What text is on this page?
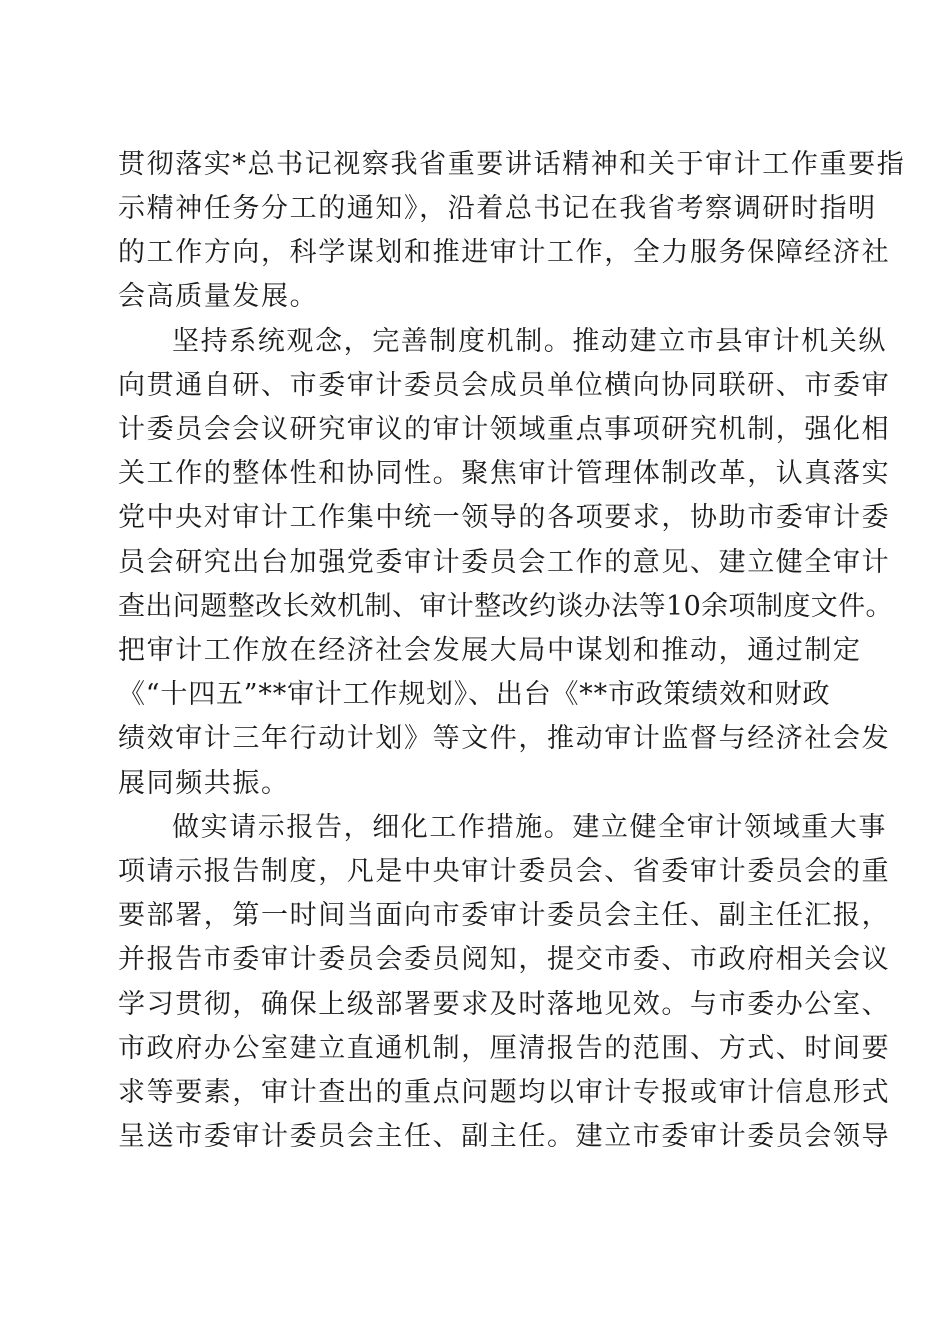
贯彻落实*总书记视察我省重要讲话精神和关于审计工作重要指
示精神任务分工的通知》，沿着总书记在我省考察调研时指明
的工作方向，科学谋划和推进审计工作，全力服务保障经济社
会高质量发展。
坚持系统观念，完善制度机制。推动建立市县审计机关纵
向贯通自研、市委审计委员会成员单位横向协同联研、市委审
计委员会会议研究审议的审计领域重点事项研究机制，强化相
关工作的整体性和协同性。聚焦审计管理体制改革，认真落实
党中央对审计工作集中统一领导的各项要求，协助市委审计委
员会研究出台加强党委审计委员会工作的意见、建立健全审计
查出问题整改长效机制、审计整改约谈办法等10余项制度文件。
把审计工作放在经济社会发展大局中谋划和推动，通过制定
《“十四五”**审计工作规划》、出台《**市政策绩效和财政
绩效审计三年行动计划》等文件，推动审计监督与经济社会发
展同频共振。
做实请示报告，细化工作措施。建立健全审计领域重大事
项请示报告制度，凡是中央审计委员会、省委审计委员会的重
要部署，第一时间当面向市委审计委员会主任、副主任汇报，
并报告市委审计委员会委员阅知，提交市委、市政府相关会议
学习贯彻，确保上级部署要求及时落地见效。与市委办公室、
市政府办公室建立直通机制，厘清报告的范围、方式、时间要
求等要素，审计查出的重点问题均以审计专报或审计信息形式
呈送市委审计委员会主任、副主任。建立市委审计委员会领导
